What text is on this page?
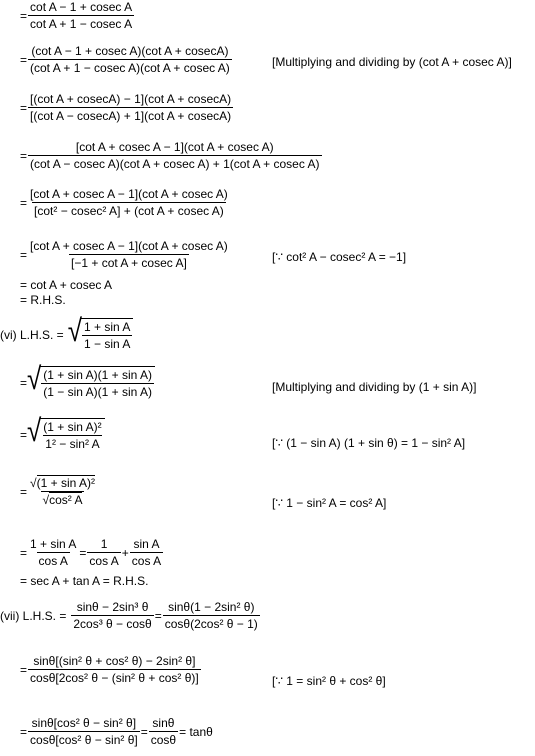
= $\frac{\text{cot A − 1 + cosec A}}{\text{cot A + 1 − cosec A}}$
= $\frac{\text{(cot A − 1 + cosec A)(cot A + cosecA)}}{\text{(cot A + 1 − cosec A)(cot A + cosec A)}}$	[Multiplying and dividing by (cot A + cosec A)]
= $\frac{\text{[(cot A + cosecA) − 1](cot A + cosecA)}}{\text{[(cot A − cosecA) + 1](cot A + cosecA)}}$
= $\frac{\text{[cot A + cosec A − 1](cot A + cosec A)}}{\text{(cot A − cosec A)(cot A + cosec A) + 1(cot A + cosec A)}}$
= $\frac{\text{[cot A + cosec A − 1](cot A + cosec A)}}{\text{[cot² − cosec² A] + (cot A + cosec A)}}$
= $\frac{\text{[cot A + cosec A − 1](cot A + cosec A)}}{\text{[−1 + cot A + cosec A]}}$	[∵ cot² A − cosec² A = −1]
= cot A + cosec A
= R.H.S.
(vi) L.H.S. = √ $\frac{\text{1 + sin A}}{\text{1 − sin A}}$
= √ $\frac{\text{(1 + sin A)(1 + sin A)}}{\text{(1 − sin A)(1 + sin A)}}$	[Multiplying and dividing by (1 + sin A)]
= √ $\frac{\text{(1 + sin A)²}}{\text{1² − sin² A}}$	[∵ (1 − sin A) (1 + sin θ) = 1 − sin² A]
= $\frac{\text{√(1 + sin A)²}}{\text{√cos² A}}$	[∵ 1 − sin² A = cos² A]
= $\frac{\text{1 + sin A}}{\text{cos A}} = \frac{1}{\text{cos A}} + \frac{\text{sin A}}{\text{cos A}}$
= sec A + tan A = R.H.S.
(vii) L.H.S. = $\frac{\text{sinθ − 2sin³ θ}}{\text{2cos³ θ − cosθ}} = \frac{\text{sinθ(1 − 2sin² θ)}}{\text{cosθ(2cos² θ − 1)}}$
= $\frac{\text{sinθ[(sin² θ + cos² θ) − 2sin² θ]}}{\text{cosθ[2cos² θ − (sin² θ + cos² θ)]}}$	[∵ 1 = sin² θ + cos² θ]
= $\frac{\text{sinθ[cos² θ − sin² θ]}}{\text{cosθ[cos² θ − sin² θ]}} = \frac{\sin\theta}{\cos\theta} = \tan\theta$
